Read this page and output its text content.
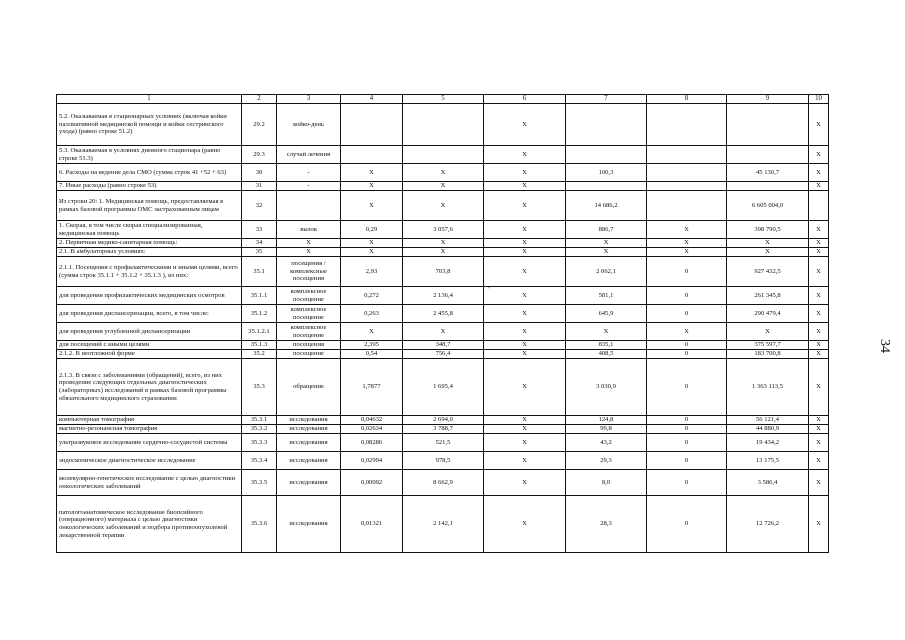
1	2	3	4	5	6	7	8	9	10
5.2. Оказываемая в стационарных условиях (включая койки паллиативной медицинской помощи и койки сестринского ухода) (равно строке 51.2)	29.2	койко-день			X				X
5.3. Оказываемая в условиях дневного стационара (равно строке 51.3)	29.3	случай лечения			X				X
6. Расходы на ведение дела СМО (сумма строк 41 +52 + 63)	30	-	X	X	X	100,3		45 130,7	X
7. Иные расходы (равно строке 53)	31	-	X	X	X				X
Из строки 20: 1. Медицинская помощь, предоставляемая в рамках базовой программы ОМС застрахованным лицам	32		X	X	X	14 686,2		6 605 004,0	
1. Скорая, в том числе скорая специализированная, медицинская помощь	33	вызов	0,29	3 057,6	X	886,7	X	398 790,5	X
2. Первичная медико-санитарная помощь:	34	X	X	X	X	X	X	X	X
2.1. В амбулаторных условиях:	35	X	X	X	X	X	X	X	X
2.1.1. Посещения с профилактическими и иными целями, всего (сумма строк 35.1.1 + 35.1.2 + 35.1.3 ), из них:	35.1	посещения / комплексные посещения	2,93	703,8	X	2 062,1	0	927 432,5	X
для проведения профилактических медицинских осмотров	35.1.1	комплексное посещение	0,272	2 136,4	X	581,1	0	261 345,8	X
для проведения диспансеризации, всего, в том числе:	35.1.2	комплексное посещение	0,263	2 455,8	X	645,9	0	290 479,4	X
для проведения углубленной диспансеризации	35.1.2.1	комплексное посещение	X	X	X	X	X	X	X
для посещений с иными целями	35.1.3	посещения	2,395	348,7	X	835,1	0	375 597,7	X
2.1.2. В неотложной форме	35.2	посещение	0,54	756,4	X	408,5	0	183 700,8	X
2.1.3. В связи с заболеваниями (обращений), всего, из них проведение следующих отдельных диагностических (лабораторных) исследований в рамках базовой программы обязательного медицинского страхования:	35.3	обращение	1,7877	1 695,4	X	3 030,9	0	1 363 113,5	X
компьютерная томография	35.3.1	исследования	0,04632	2 694,0	X	124,8	0	56 121,4	X
магнитно-резонансная томография	35.3.2	исследования	0,02634	3 788,7	X	99,8	0	44 880,9	X
ультразвуковое исследование сердечно-сосудистой системы	35.3.3	исследования	0,08286	521,5	X	43,2	0	19 434,2	X
эндоскопическое диагностическое исследование	35.3.4	исследования	0,02994	978,5	X	29,3	0	13 175,5	X
молекулярно-генетическое исследование с целью диагностики онкологических заболеваний	35.3.5	исследования	0,00092	8 662,9	X	8,0	0	3 586,4	X
патологоанатомическое исследование биопсийного (операционного) материала с целью диагностики онкологических заболеваний и подбора противоопухолевой лекарственной терапии	35.3.6	исследования	0,01321	2 142,1	X	28,3	0	12 726,2	X
34
''
